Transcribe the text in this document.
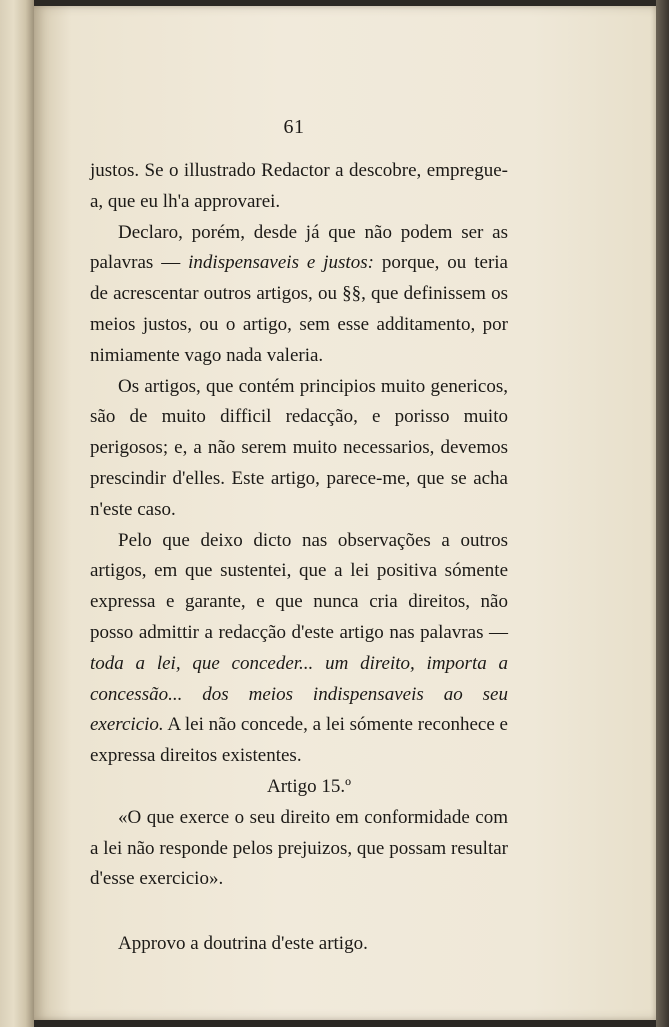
61

justos. Se o illustrado Redactor a descobre, empregue-a, que eu lh'a approvarei.

Declaro, porém, desde já que não podem ser as palavras — indispensaveis e justos: porque, ou teria de acrescentar outros artigos, ou §§, que definissem os meios justos, ou o artigo, sem esse additamento, por nimiamente vago nada valeria.

Os artigos, que contém principios muito genericos, são de muito difficil redacção, e porisso muito perigosos; e, a não serem muito necessarios, devemos prescindir d'elles. Este artigo, parece-me, que se acha n'este caso.

Pelo que deixo dicto nas observações a outros artigos, em que sustentei, que a lei positiva sómente expressa e garante, e que nunca cria direitos, não posso admittir a redacção d'este artigo nas palavras — toda a lei, que conceder... um direito, importa a concessão... dos meios indispensaveis ao seu exercicio. A lei não concede, a lei sómente reconhece e expressa direitos existentes.

Artigo 15.º

«O que exerce o seu direito em conformidade com a lei não responde pelos prejuizos, que possam resultar d'esse exercicio».

Approvo a doutrina d'este artigo.
